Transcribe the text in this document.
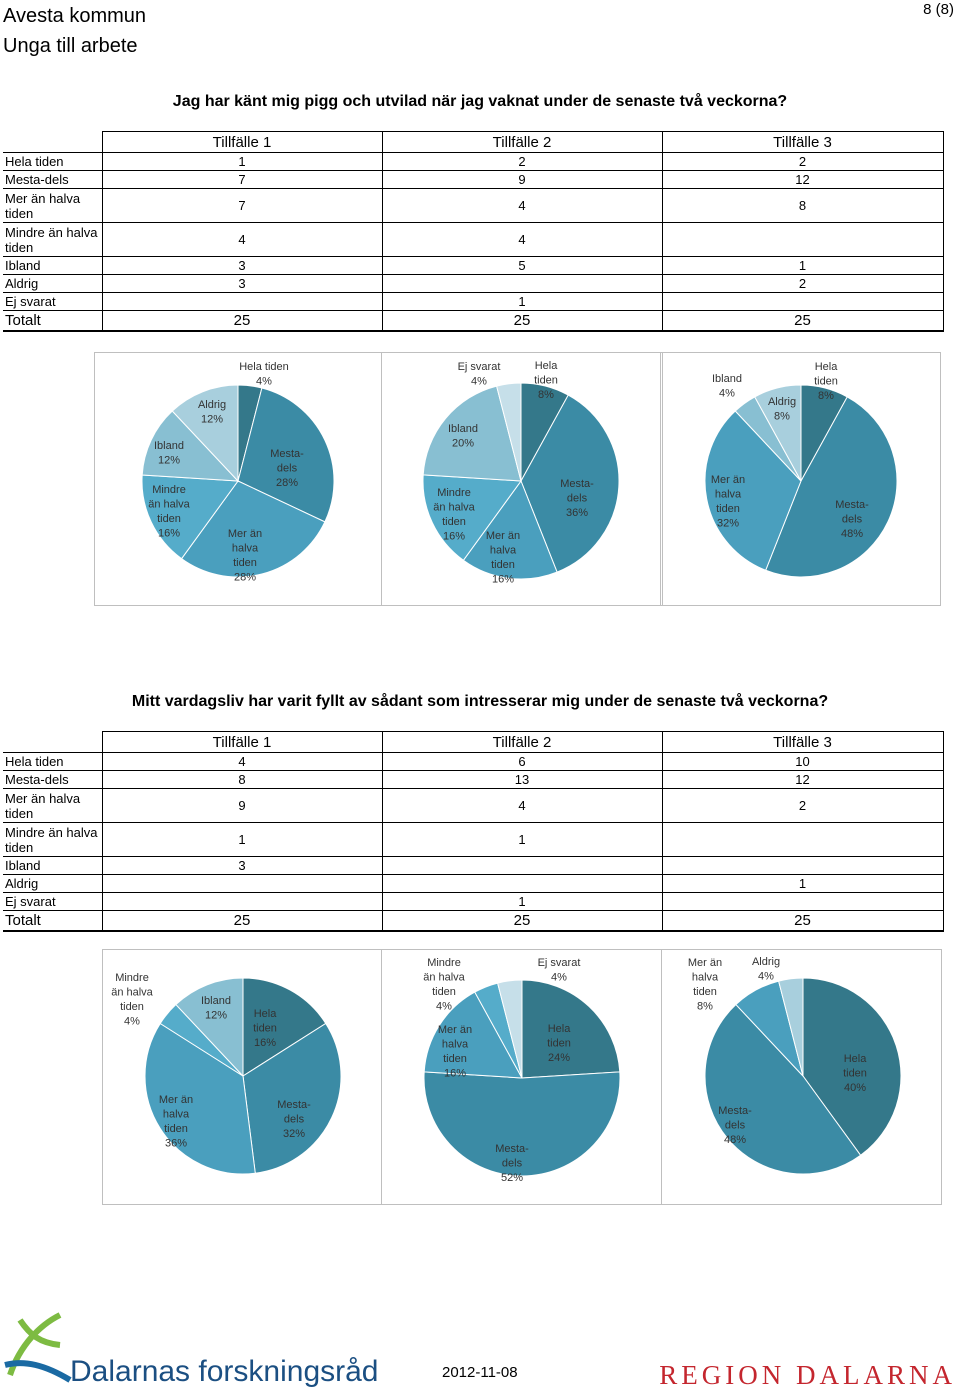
Avesta kommun
Unga till arbete
8 (8)
Jag har känt mig pigg och utvilad när jag vaknat under de senaste två veckorna?
	Tillfälle 1	Tillfälle 2	Tillfälle 3
Hela tiden	1	2	2
Mesta-dels	7	9	12
Mer än halva tiden	7	4	8
Mindre än halva tiden	4	4	
Ibland	3	5	1
Aldrig	3		2
Ej svarat		1	
Totalt	25	25	25
Hela tiden 4%
Mesta-dels 28%
Mer än halva tiden 28%
Mindre än halva tiden 16%
Ibland 12%
Aldrig 12%
Hela tiden 8%
Mesta-dels 36%
Mer än halva tiden 16%
Mindre än halva tiden 16%
Ibland 20%
Ej svarat 4%
Hela tiden 8%
Mesta-dels 48%
Mer än halva tiden 32%
Ibland 4%
Aldrig 8%
Mitt vardagsliv har varit fyllt av sådant som intresserar mig under de senaste två veckorna?
	Tillfälle 1	Tillfälle 2	Tillfälle 3
Hela tiden	4	6	10
Mesta-dels	8	13	12
Mer än halva tiden	9	4	2
Mindre än halva tiden	1	1	
Ibland	3		
Aldrig			1
Ej svarat		1	
Totalt	25	25	25
Hela tiden 16%
Mesta-dels 32%
Mer än halva tiden 36%
Mindre än halva tiden 4%
Ibland 12%
Hela tiden 24%
Mesta-dels 52%
Mer än halva tiden 16%
Mindre än halva tiden 4%
Ej svarat 4%
Hela tiden 40%
Mesta-dels 48%
Mer än halva tiden 8%
Aldrig 4%
Dalarnas forskningsråd	2012-11-08	REGION DALARNA
